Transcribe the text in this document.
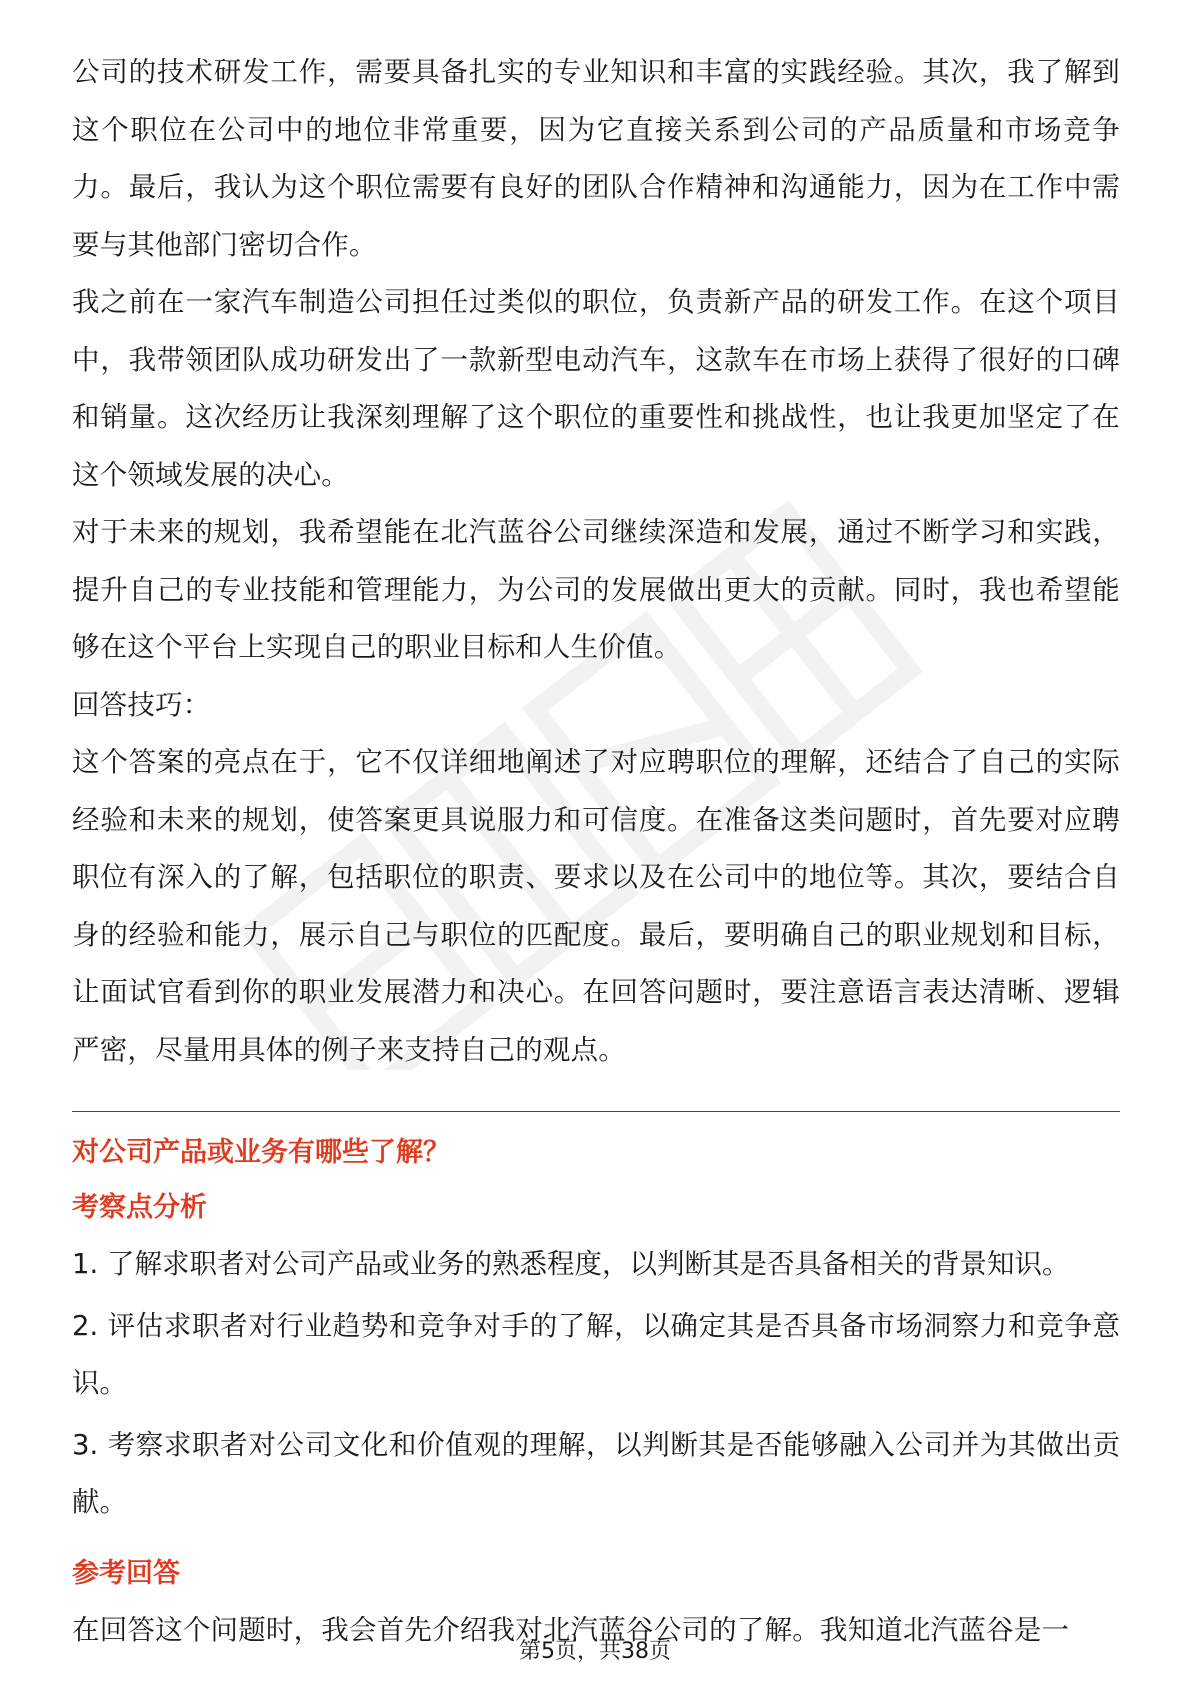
公司的技术研发工作，需要具备扎实的专业知识和丰富的实践经验。其次，我了解到这个职位在公司中的地位非常重要，因为它直接关系到公司的产品质量和市场竞争力。最后，我认为这个职位需要有良好的团队合作精神和沟通能力，因为在工作中需要与其他部门密切合作。

我之前在一家汽车制造公司担任过类似的职位，负责新产品的研发工作。在这个项目中，我带领团队成功研发出了一款新型电动汽车，这款车在市场上获得了很好的口碑和销量。这次经历让我深刻理解了这个职位的重要性和挑战性，也让我更加坚定了在这个领域发展的决心。

对于未来的规划，我希望能在北汽蓝谷公司继续深造和发展，通过不断学习和实践，提升自己的专业技能和管理能力，为公司的发展做出更大的贡献。同时，我也希望能够在这个平台上实现自己的职业目标和人生价值。

回答技巧：

这个答案的亮点在于，它不仅详细地阐述了对应聘职位的理解，还结合了自己的实际经验和未来的规划，使答案更具说服力和可信度。在准备这类问题时，首先要对应聘职位有深入的了解，包括职位的职责、要求以及在公司中的地位等。其次，要结合自身的经验和能力，展示自己与职位的匹配度。最后，要明确自己的职业规划和目标，让面试官看到你的职业发展潜力和决心。在回答问题时，要注意语言表达清晰、逻辑严密，尽量用具体的例子来支持自己的观点。

对公司产品或业务有哪些了解？
考察点分析

1. 了解求职者对公司产品或业务的熟悉程度，以判断其是否具备相关的背景知识。

2. 评估求职者对行业趋势和竞争对手的了解，以确定其是否具备市场洞察力和竞争意识。

3. 考察求职者对公司文化和价值观的理解，以判断其是否能够融入公司并为其做出贡献。

参考回答

在回答这个问题时，我会首先介绍我对北汽蓝谷公司的了解。我知道北汽蓝谷是一

第5页，共38页
